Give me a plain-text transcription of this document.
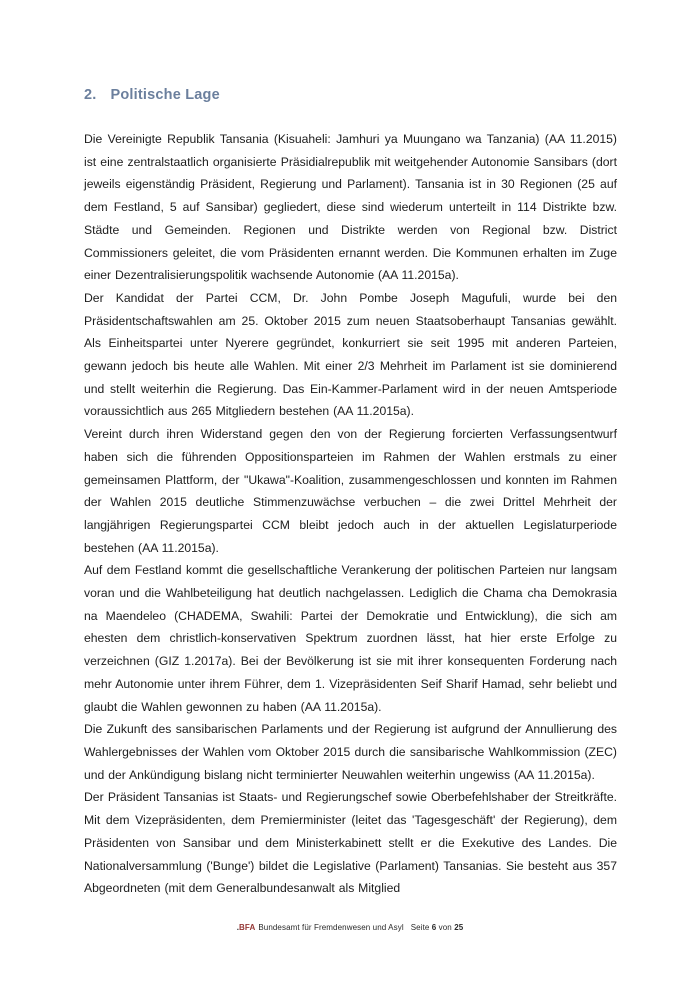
2. Politische Lage

Die Vereinigte Republik Tansania (Kisuaheli: Jamhuri ya Muungano wa Tanzania) (AA 11.2015) ist eine zentralstaatlich organisierte Präsidialrepublik mit weitgehender Autonomie Sansibars (dort jeweils eigenständig Präsident, Regierung und Parlament). Tansania ist in 30 Regionen (25 auf dem Festland, 5 auf Sansibar) gegliedert, diese sind wiederum unterteilt in 114 Distrikte bzw. Städte und Gemeinden. Regionen und Distrikte werden von Regional bzw. District Commissioners geleitet, die vom Präsidenten ernannt werden. Die Kommunen erhalten im Zuge einer Dezentralisierungspolitik wachsende Autonomie (AA 11.2015a).

Der Kandidat der Partei CCM, Dr. John Pombe Joseph Magufuli, wurde bei den Präsidentschaftswahlen am 25. Oktober 2015 zum neuen Staatsoberhaupt Tansanias gewählt. Als Einheitspartei unter Nyerere gegründet, konkurriert sie seit 1995 mit anderen Parteien, gewann jedoch bis heute alle Wahlen. Mit einer 2/3 Mehrheit im Parlament ist sie dominierend und stellt weiterhin die Regierung. Das Ein-Kammer-Parlament wird in der neuen Amtsperiode voraussichtlich aus 265 Mitgliedern bestehen (AA 11.2015a).

Vereint durch ihren Widerstand gegen den von der Regierung forcierten Verfassungsentwurf haben sich die führenden Oppositionsparteien im Rahmen der Wahlen erstmals zu einer gemeinsamen Plattform, der "Ukawa"-Koalition, zusammengeschlossen und konnten im Rahmen der Wahlen 2015 deutliche Stimmenzuwächse verbuchen – die zwei Drittel Mehrheit der langjährigen Regierungspartei CCM bleibt jedoch auch in der aktuellen Legislaturperiode bestehen (AA 11.2015a).

Auf dem Festland kommt die gesellschaftliche Verankerung der politischen Parteien nur langsam voran und die Wahlbeteiligung hat deutlich nachgelassen. Lediglich die Chama cha Demokrasia na Maendeleo (CHADEMA, Swahili: Partei der Demokratie und Entwicklung), die sich am ehesten dem christlich-konservativen Spektrum zuordnen lässt, hat hier erste Erfolge zu verzeichnen (GIZ 1.2017a). Bei der Bevölkerung ist sie mit ihrer konsequenten Forderung nach mehr Autonomie unter ihrem Führer, dem 1. Vizepräsidenten Seif Sharif Hamad, sehr beliebt und glaubt die Wahlen gewonnen zu haben (AA 11.2015a).

Die Zukunft des sansibarischen Parlaments und der Regierung ist aufgrund der Annullierung des Wahlergebnisses der Wahlen vom Oktober 2015 durch die sansibarische Wahlkommission (ZEC) und der Ankündigung bislang nicht terminierter Neuwahlen weiterhin ungewiss (AA 11.2015a).

Der Präsident Tansanias ist Staats- und Regierungschef sowie Oberbefehlshaber der Streitkräfte. Mit dem Vizepräsidenten, dem Premierminister (leitet das 'Tagesgeschäft' der Regierung), dem Präsidenten von Sansibar und dem Ministerkabinett stellt er die Exekutive des Landes. Die Nationalversammlung ('Bunge') bildet die Legislative (Parlament) Tansanias. Sie besteht aus 357 Abgeordneten (mit dem Generalbundesanwalt als Mitglied

.BFA Bundesamt für Fremdenwesen und Asyl Seite 6 von 25
